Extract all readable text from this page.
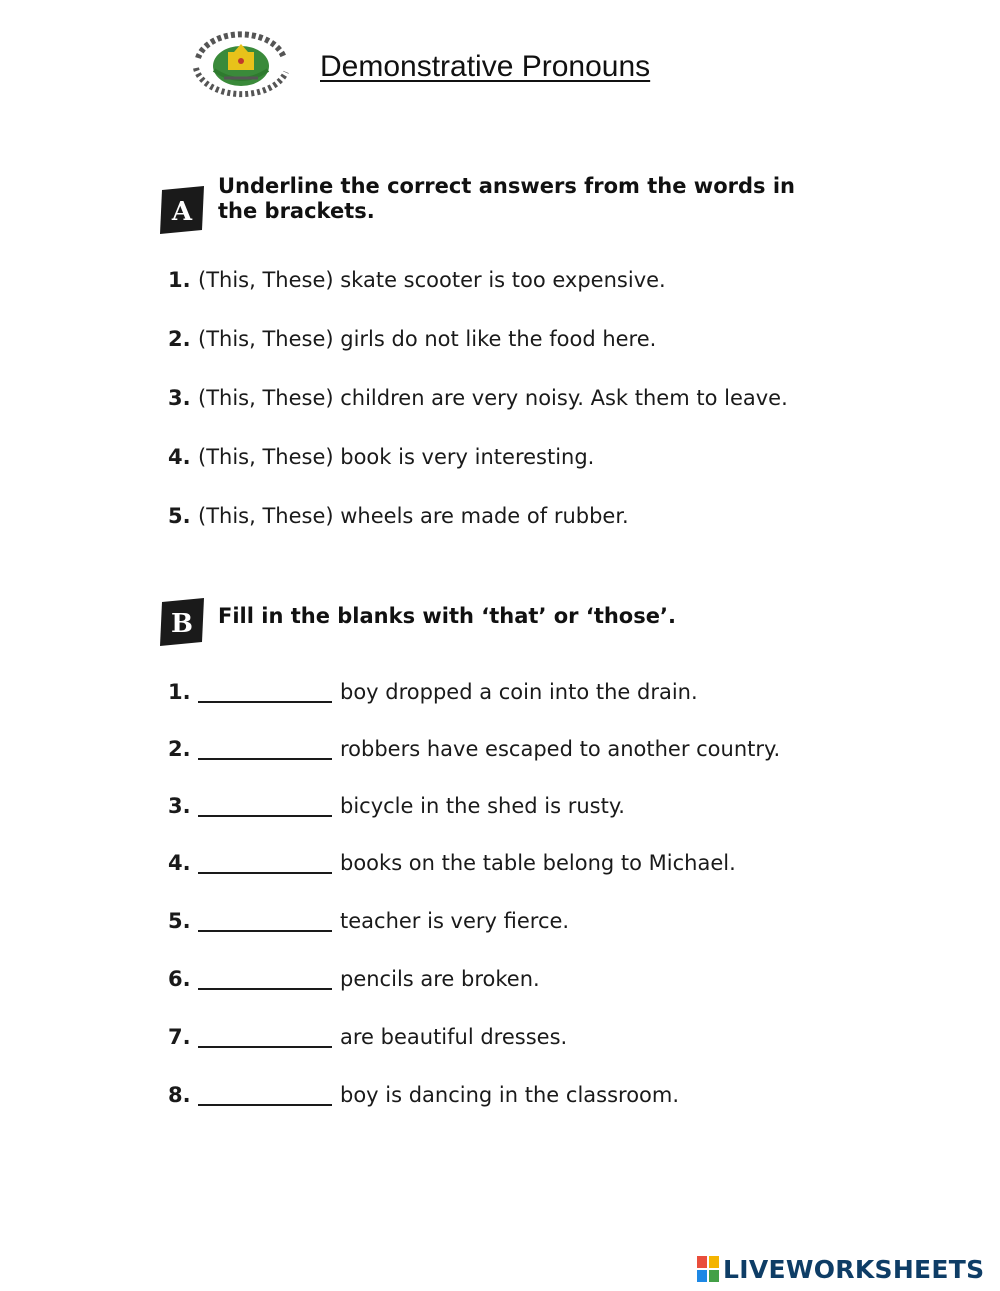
Demonstrative Pronouns
A
Underline the correct answers from the words in the brackets.
1. (This, These) skate scooter is too expensive.
2. (This, These) girls do not like the food here.
3. (This, These) children are very noisy. Ask them to leave.
4. (This, These) book is very interesting.
5. (This, These) wheels are made of rubber.
B Fill in the blanks with ‘that’ or ‘those’.
1.	boy dropped a coin into the drain.
2.	robbers have escaped to another country.
3.	bicycle in the shed is rusty.
4.	books on the table belong to Michael.
5.	teacher is very fierce.
6.	pencils are broken.
7.	are beautiful dresses.
8.	boy is dancing in the classroom.
LIVEWORKSHEETS
